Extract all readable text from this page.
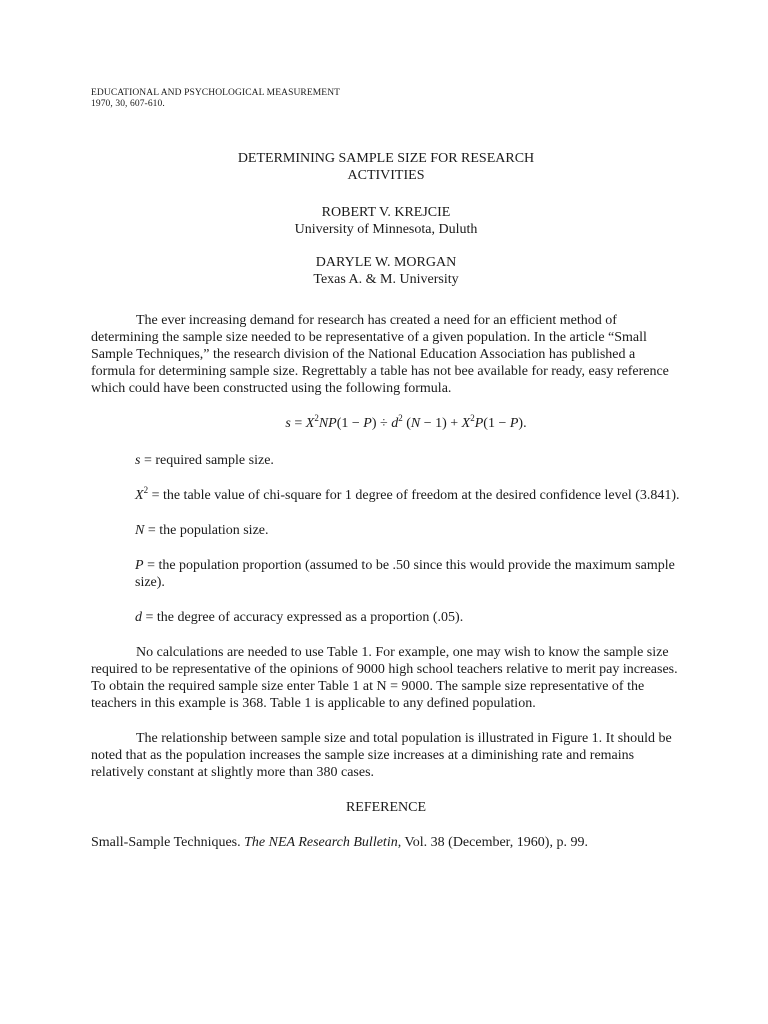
EDUCATIONAL AND PSYCHOLOGICAL MEASUREMENT
1970, 30, 607-610.
DETERMINING SAMPLE SIZE FOR RESEARCH
ACTIVITIES
ROBERT V. KREJCIE
University of Minnesota, Duluth
DARYLE W. MORGAN
Texas A. & M. University

The ever increasing demand for research has created a need for an efficient method of determining the sample size needed to be representative of a given population. In the article “Small Sample Techniques,” the research division of the National Education Association has published a formula for determining sample size. Regrettably a table has not bee available for ready, easy reference which could have been constructed using the following formula.

$s = X^2NP(1 - P) \div d^2$ $(N - 1) + X^2P(1 - P)$.

s = required sample size.

$X^2$ = the table value of chi-square for 1 degree of freedom at the desired confidence level (3.841).

N = the population size.

P = the population proportion (assumed to be .50 since this would provide the maximum sample size).

d = the degree of accuracy expressed as a proportion (.05).

No calculations are needed to use Table 1. For example, one may wish to know the sample size required to be representative of the opinions of 9000 high school teachers relative to merit pay increases. To obtain the required sample size enter Table 1 at N = 9000. The sample size representative of the teachers in this example is 368. Table 1 is applicable to any defined population.

The relationship between sample size and total population is illustrated in Figure 1. It should be noted that as the population increases the sample size increases at a diminishing rate and remains relatively constant at slightly more than 380 cases.

REFERENCE
Small-Sample Techniques. The NEA Research Bulletin, Vol. 38 (December, 1960), p. 99.
